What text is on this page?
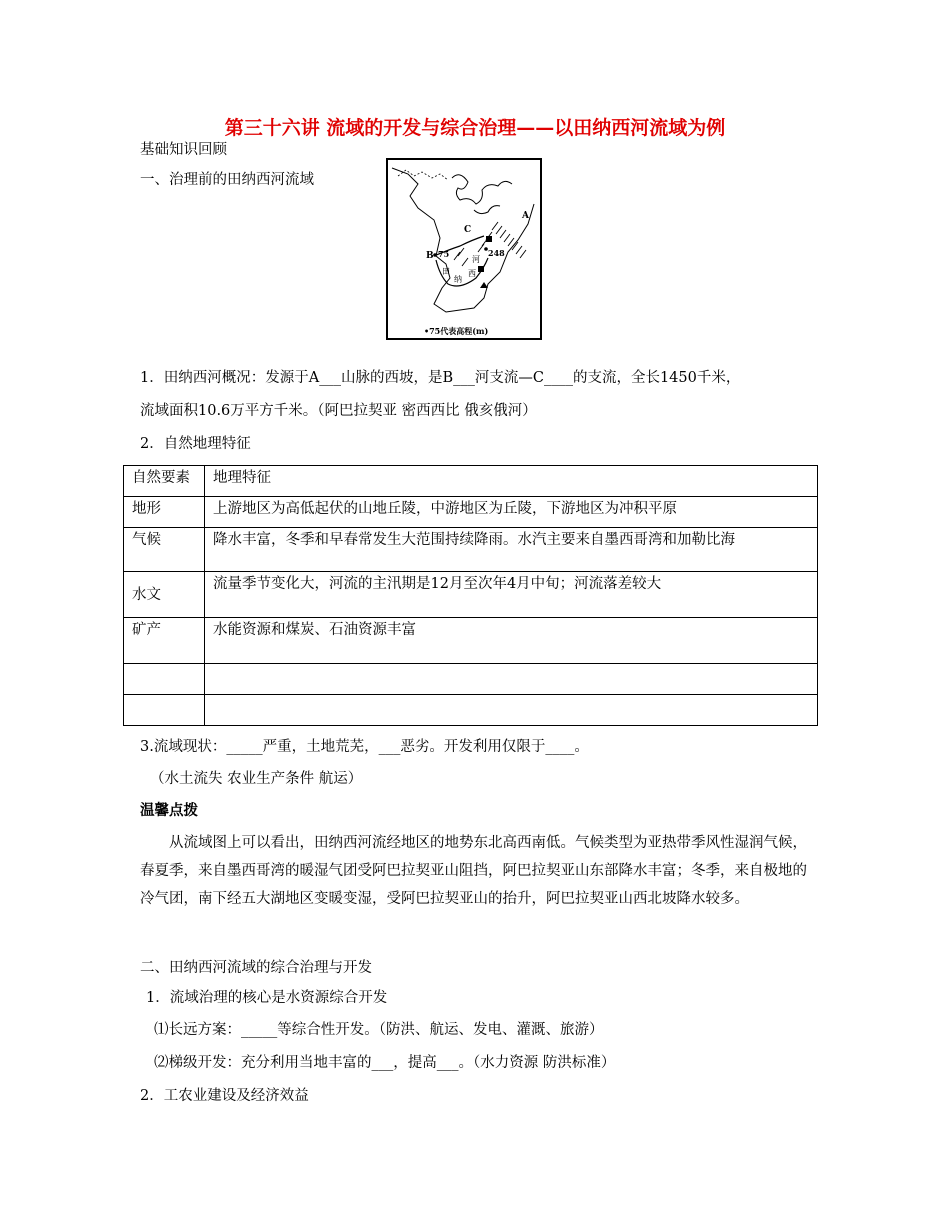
第三十六讲 流域的开发与综合治理——以田纳西河流域为例
基础知识回顾
一、治理前的田纳西河流域
A
C
B 75	248
田
纳
西
河
•75代表高程(m)
1．田纳西河概况：发源于A___山脉的西坡，是B___河支流—C____的支流，全长1450千米，
流域面积10.6万平方千米。（阿巴拉契亚 密西西比 俄亥俄河）
2．自然地理特征
自然要素	地理特征
地形	上游地区为高低起伏的山地丘陵，中游地区为丘陵，下游地区为冲积平原
气候	降水丰富，冬季和早春常发生大范围持续降雨。水汽主要来自墨西哥湾和加勒比海
水文	流量季节变化大，河流的主汛期是12月至次年4月中旬；河流落差较大
矿产	水能资源和煤炭、石油资源丰富

3.流域现状：_____严重，土地荒芜，___恶劣。开发利用仅限于____。
（水土流失 农业生产条件 航运）
温馨点拨
从流域图上可以看出，田纳西河流经地区的地势东北高西南低。气候类型为亚热带季风性湿润气候，春夏季，来自墨西哥湾的暖湿气团受阿巴拉契亚山阻挡，阿巴拉契亚山东部降水丰富；冬季，来自极地的冷气团，南下经五大湖地区变暖变湿，受阿巴拉契亚山的抬升，阿巴拉契亚山西北坡降水较多。
二、田纳西河流域的综合治理与开发
1．流域治理的核心是水资源综合开发
⑴长远方案：_____等综合性开发。（防洪、航运、发电、灌溉、旅游）
⑵梯级开发：充分利用当地丰富的___，提高___。（水力资源 防洪标准）
2．工农业建设及经济效益
